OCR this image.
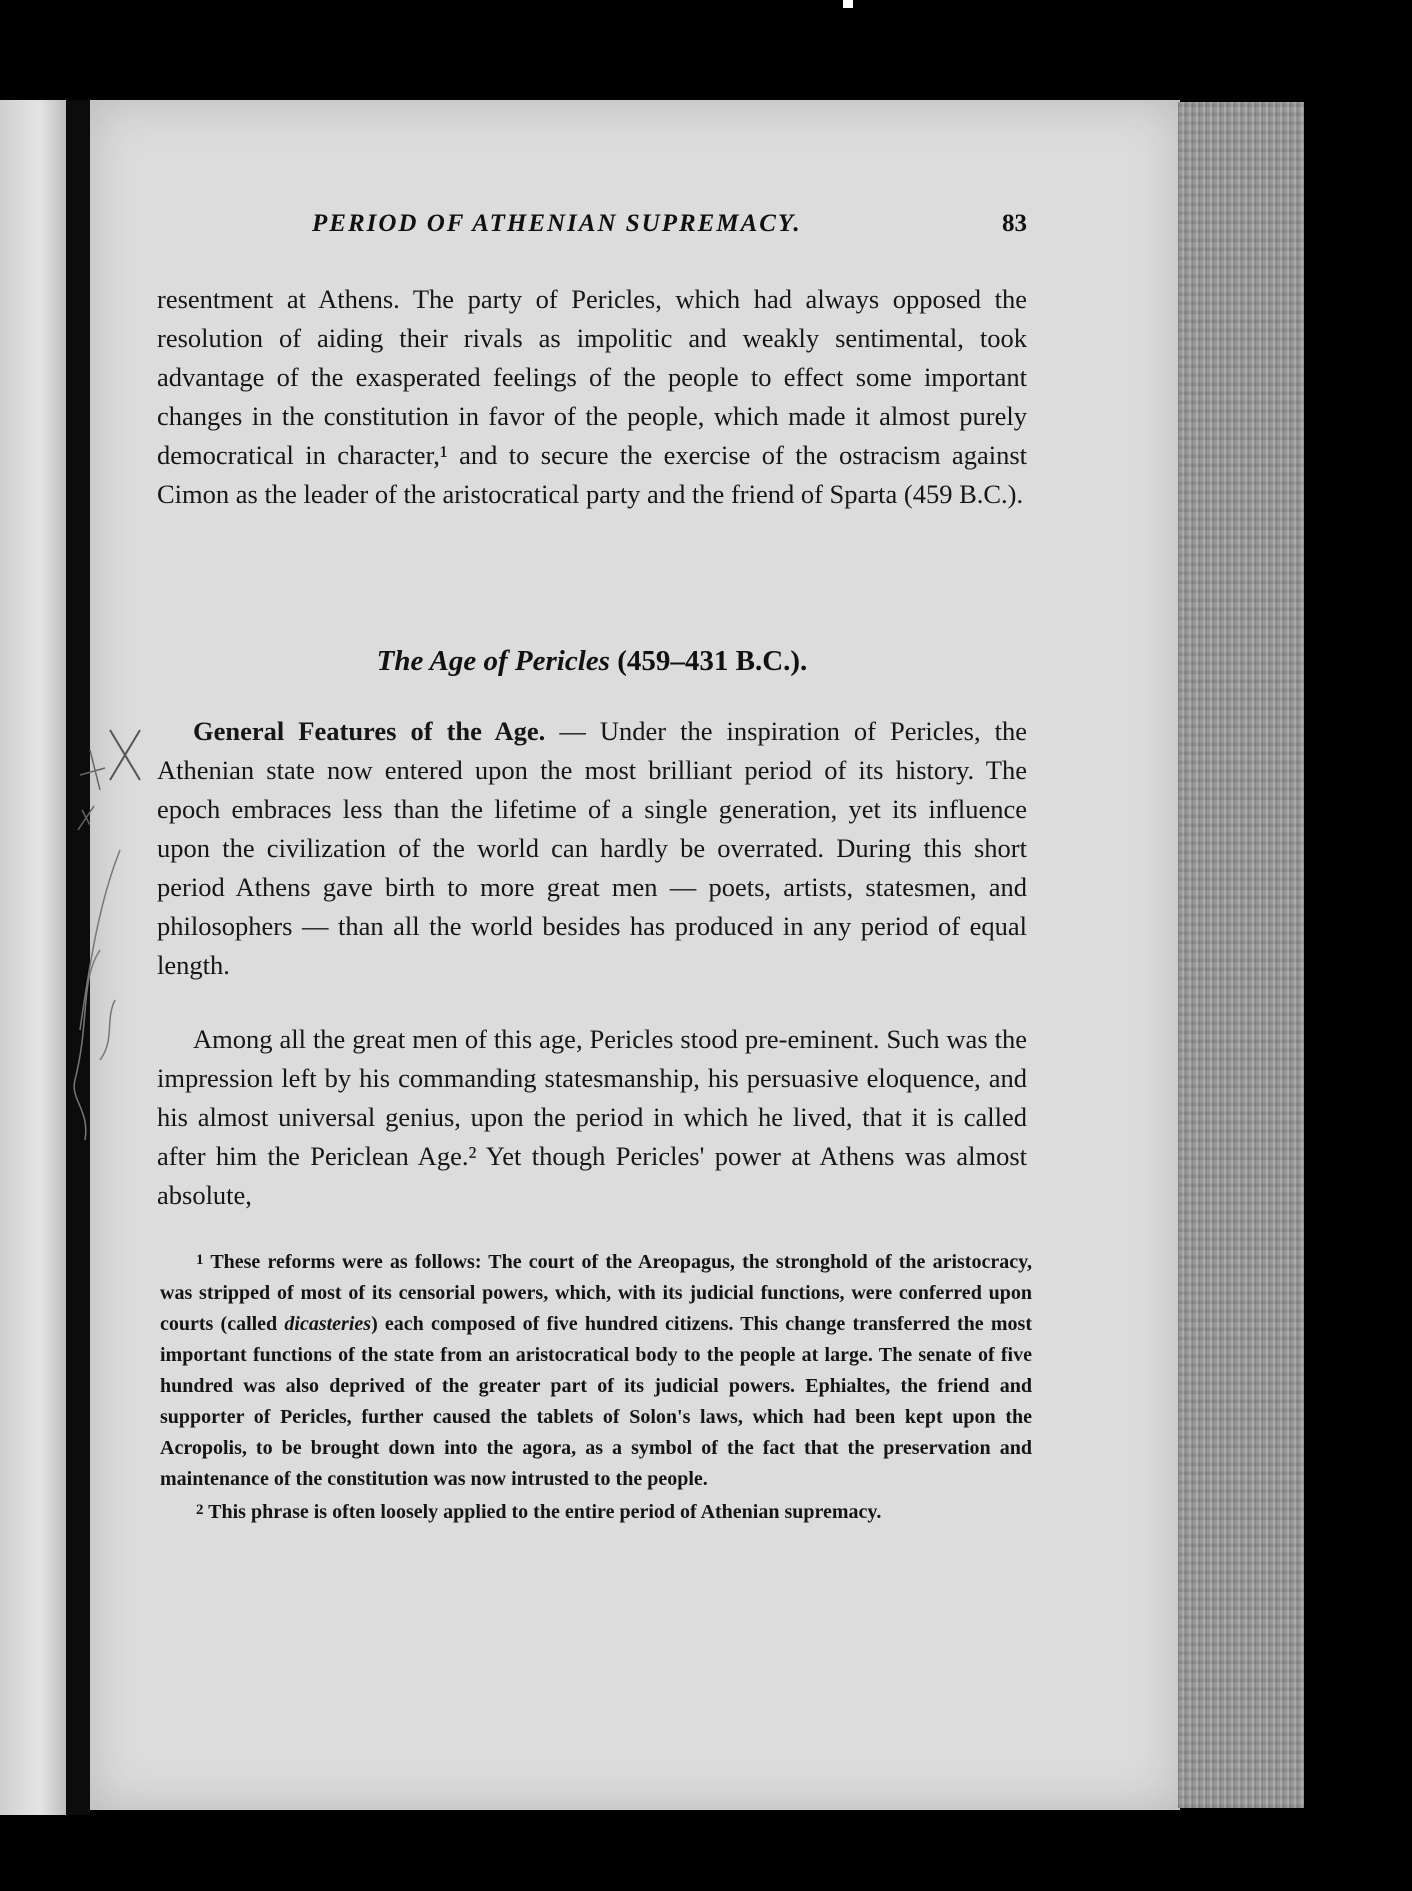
PERIOD OF ATHENIAN SUPREMACY.	83

resentment at Athens. The party of Pericles, which had always opposed the resolution of aiding their rivals as impolitic and weakly sentimental, took advantage of the exasperated feelings of the people to effect some important changes in the constitution in favor of the people, which made it almost purely democratical in character,¹ and to secure the exercise of the ostracism against Cimon as the leader of the aristocratical party and the friend of Sparta (459 B.C.).

The Age of Pericles (459–431 B.C.).

General Features of the Age. — Under the inspiration of Pericles, the Athenian state now entered upon the most brilliant period of its history. The epoch embraces less than the lifetime of a single generation, yet its influence upon the civilization of the world can hardly be overrated. During this short period Athens gave birth to more great men — poets, artists, statesmen, and philosophers — than all the world besides has produced in any period of equal length.

Among all the great men of this age, Pericles stood pre-eminent. Such was the impression left by his commanding statesmanship, his persuasive eloquence, and his almost universal genius, upon the period in which he lived, that it is called after him the Periclean Age.² Yet though Pericles' power at Athens was almost absolute,

$^1$ These reforms were as follows: The court of the Areopagus, the stronghold of the aristocracy, was stripped of most of its censorial powers, which, with its judicial functions, were conferred upon courts (called dicasteries) each composed of five hundred citizens. This change transferred the most important functions of the state from an aristocratical body to the people at large. The senate of five hundred was also deprived of the greater part of its judicial powers. Ephialtes, the friend and supporter of Pericles, further caused the tablets of Solon's laws, which had been kept upon the Acropolis, to be brought down into the agora, as a symbol of the fact that the preservation and maintenance of the constitution was now intrusted to the people.

$^2$ This phrase is often loosely applied to the entire period of Athenian supremacy.
